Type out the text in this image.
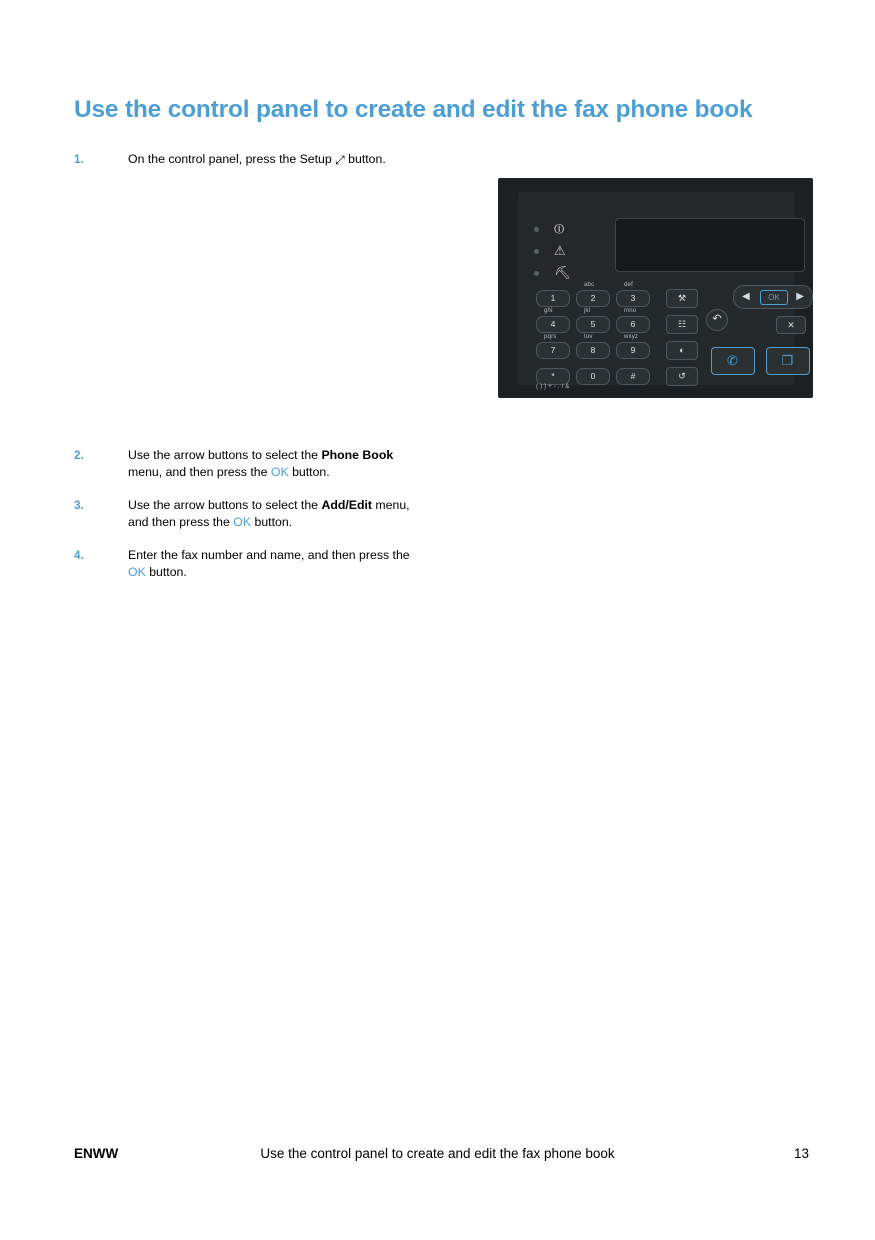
Use the control panel to create and edit the fax phone book
1.	On the control panel, press the Setup ⤢ button.
⏼
⚠
⛏
1	2
abc
3
def
4
ghi
5
jkl
6
mno
7
pqrs
8
tuv
9
wxyz
*	0	#
( ) } + - . / &
⚒
☷
◐
↺
◀	OK	▶
↶	✕
✆	❐
2.	Use the arrow buttons to select the Phone Book menu, and then press the OK button.
3.	Use the arrow buttons to select the Add/Edit menu, and then press the OK button.
4.	Enter the fax number and name, and then press the OK button.
ENWW	Use the control panel to create and edit the fax phone book	13
